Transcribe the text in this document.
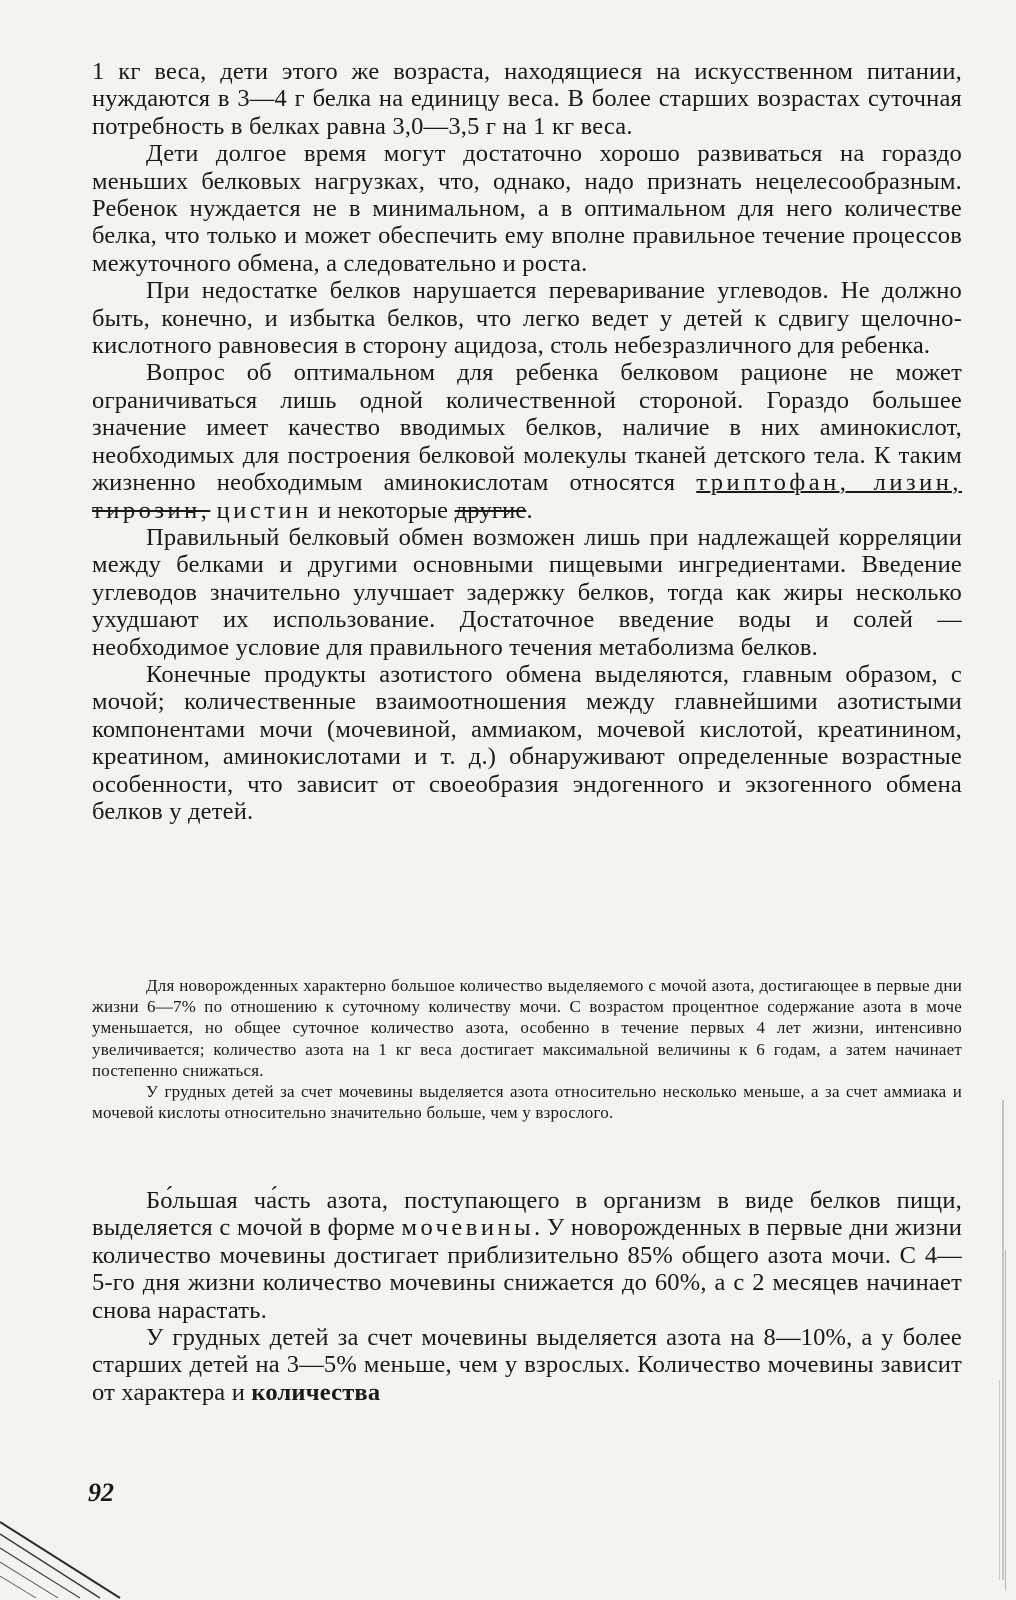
1 кг веса, дети этого же возраста, находящиеся на искусственном питании, нуждаются в 3—4 г белка на единицу веса. В более старших возрастах суточная потребность в белках равна 3,0—3,5 г на 1 кг веса.

Дети долгое время могут достаточно хорошо развиваться на гораздо меньших белковых нагрузках, что, однако, надо признать нецелесообразным. Ребенок нуждается не в минимальном, а в оптимальном для него количестве белка, что только и может обеспечить ему вполне правильное течение процессов межуточного обмена, а следовательно и роста.

При недостатке белков нарушается переваривание углеводов. Не должно быть, конечно, и избытка белков, что легко ведет у детей к сдвигу щелочно-кислотного равновесия в сторону ацидоза, столь небезразличного для ребенка.

Вопрос об оптимальном для ребенка белковом рационе не может ограничиваться лишь одной количественной стороной. Гораздо большее значение имеет качество вводимых белков, наличие в них аминокислот, необходимых для построения белковой молекулы тканей детского тела. К таким жизненно необходимым аминокислотам относятся триптофан, лизин, тирозин, цистин и некоторые другие.

Правильный белковый обмен возможен лишь при надлежащей корреляции между белками и другими основными пищевыми ингредиентами. Введение углеводов значительно улучшает задержку белков, тогда как жиры несколько ухудшают их использование. Достаточное введение воды и солей — необходимое условие для правильного течения метаболизма белков.

Конечные продукты азотистого обмена выделяются, главным образом, с мочой; количественные взаимоотношения между главнейшими азотистыми компонентами мочи (мочевиной, аммиаком, мочевой кислотой, креатинином, креатином, аминокислотами и т. д.) обнаруживают определенные возрастные особенности, что зависит от своеобразия эндогенного и экзогенного обмена белков у детей.

Для новорожденных характерно большое количество выделяемого с мочой азота, достигающее в первые дни жизни 6—7% по отношению к суточному количеству мочи. С возрастом процентное содержание азота в моче уменьшается, но общее суточное количество азота, особенно в течение первых 4 лет жизни, интенсивно увеличивается; количество азота на 1 кг веса достигает максимальной величины к 6 годам, а затем начинает постепенно снижаться.

У грудных детей за счет мочевины выделяется азота относительно несколько меньше, а за счет аммиака и мочевой кислоты относительно значительно больше, чем у взрослого.

Бо́льшая ча́сть азота, поступающего в организм в виде белков пищи, выделяется с мочой в форме мочевины. У новорожденных в первые дни жизни количество мочевины достигает приблизительно 85% общего азота мочи. С 4—5-го дня жизни количество мочевины снижается до 60%, а с 2 месяцев начинает снова нарастать.

У грудных детей за счет мочевины выделяется азота на 8—10%, а у более старших детей на 3—5% меньше, чем у взрослых. Количество мочевины зависит от характера и количества

92
